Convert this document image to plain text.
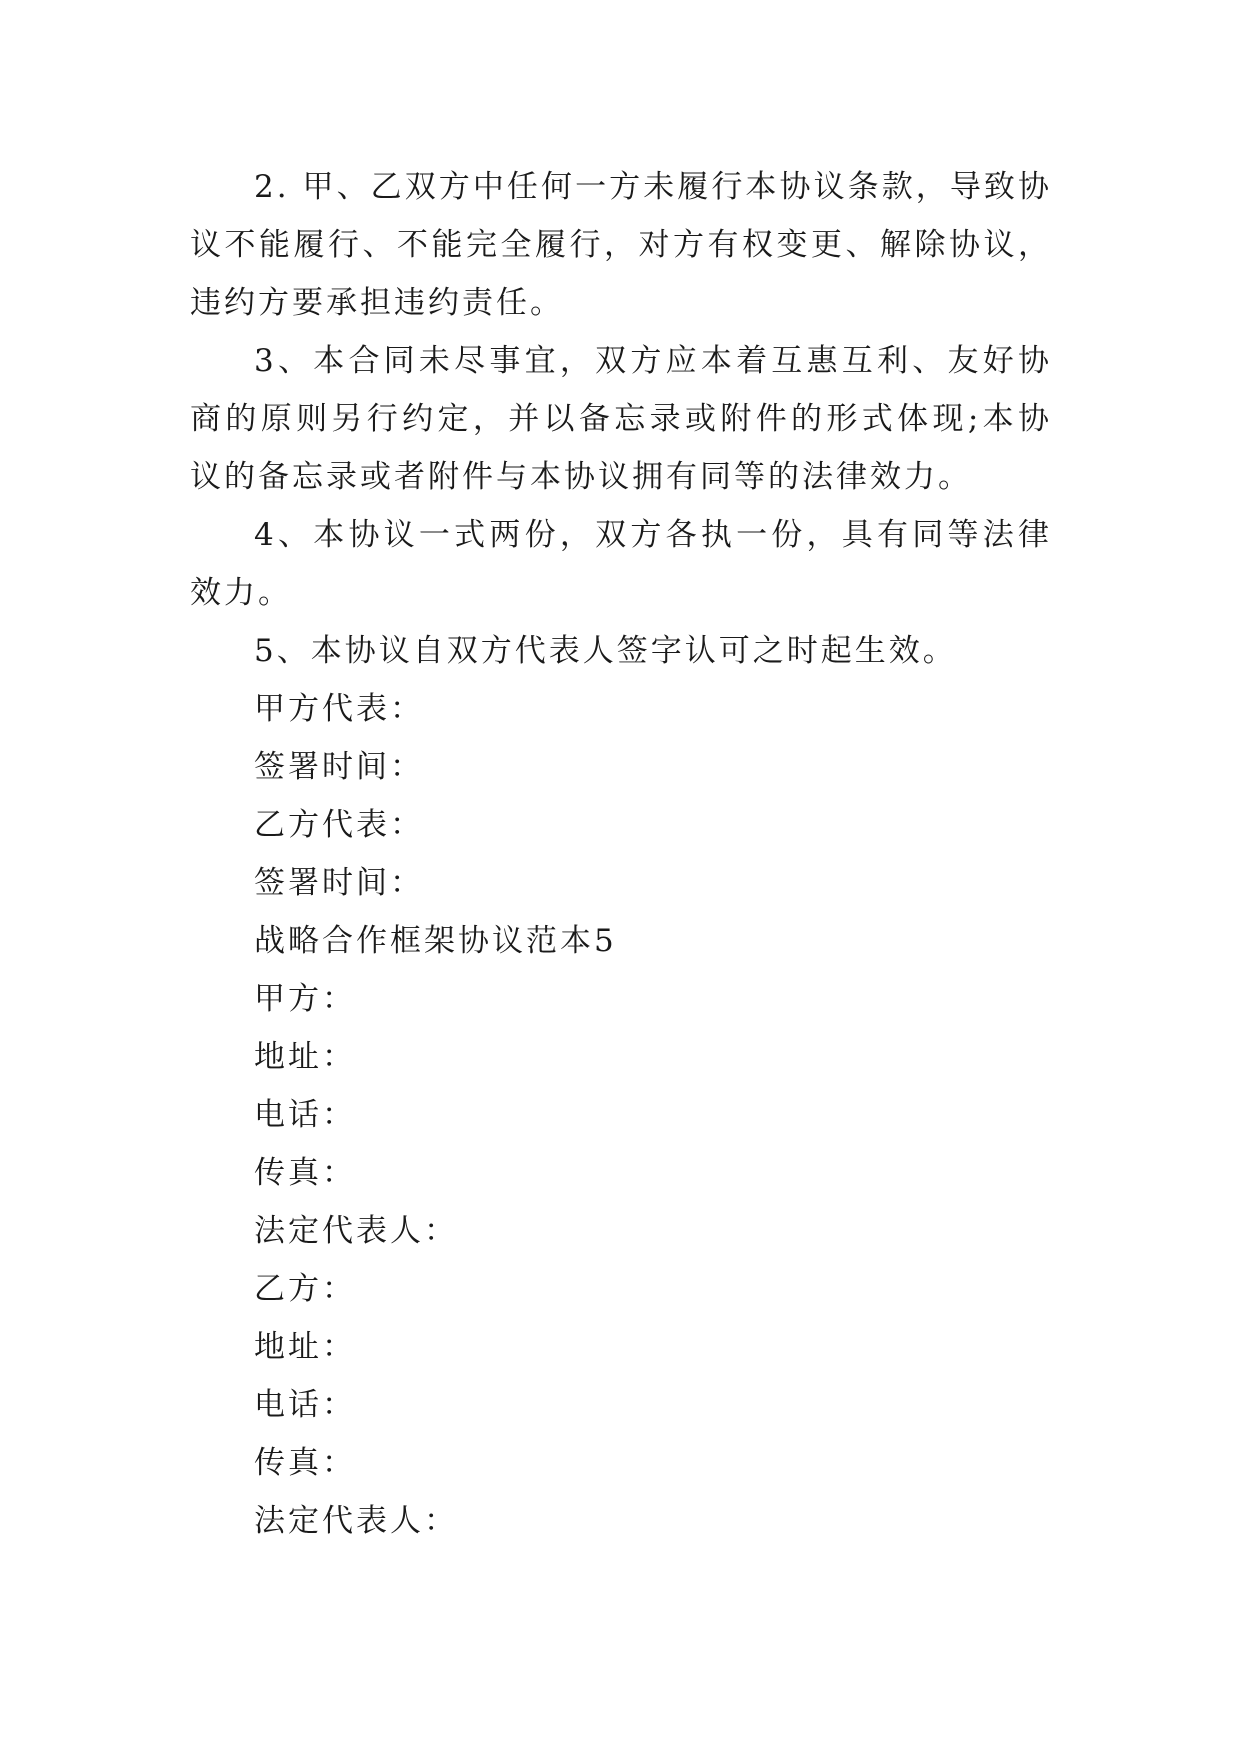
2. 甲、乙双方中任何一方未履行本协议条款，导致协议不能履行、不能完全履行，对方有权变更、解除协议，违约方要承担违约责任。

3、本合同未尽事宜，双方应本着互惠互利、友好协商的原则另行约定，并以备忘录或附件的形式体现;本协议的备忘录或者附件与本协议拥有同等的法律效力。

4、本协议一式两份，双方各执一份，具有同等法律效力。

5、本协议自双方代表人签字认可之时起生效。

甲方代表：

签署时间：

乙方代表：

签署时间：

战略合作框架协议范本5

甲方：

地址：

电话：

传真：

法定代表人：

乙方：

地址：

电话：

传真：

法定代表人：
